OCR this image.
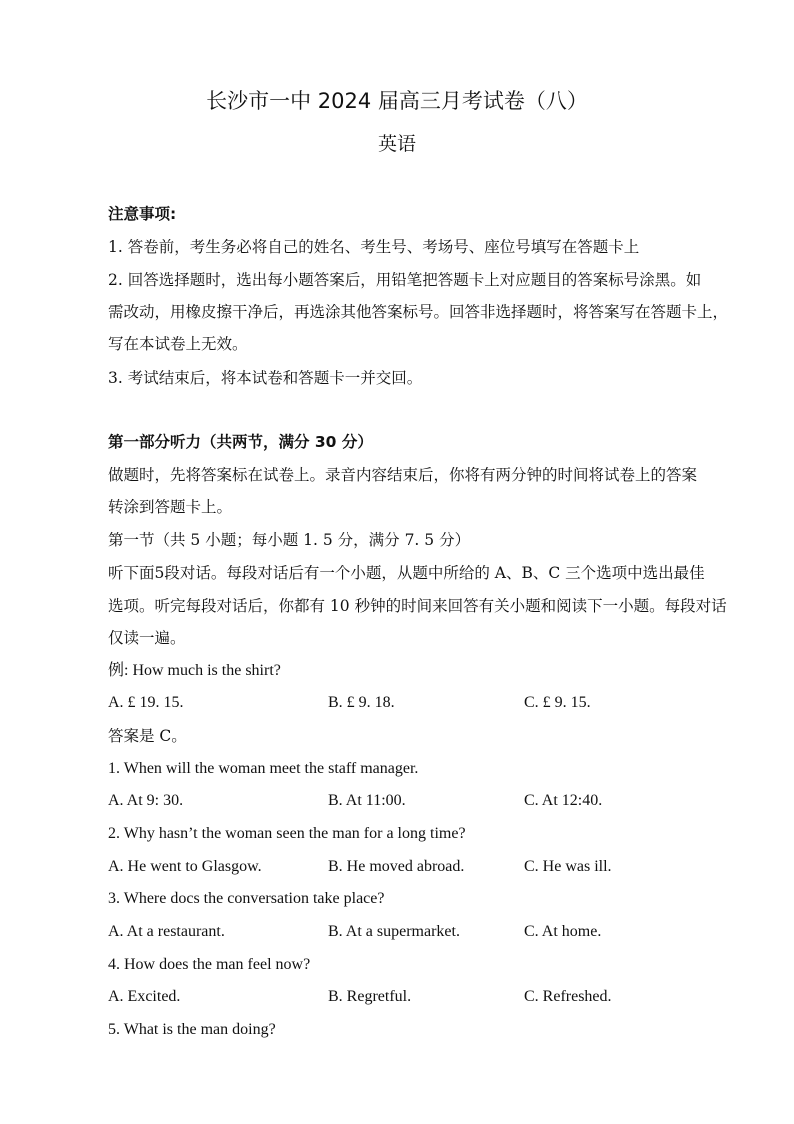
长沙市一中 2024 届高三月考试卷（八）
英语
注意事项:
1. 答卷前，考生务必将自己的姓名、考生号、考场号、座位号填写在答题卡上
2. 回答选择题时，选出每小题答案后，用铅笔把答题卡上对应题目的答案标号涂黑。如
需改动，用橡皮擦干净后，再选涂其他答案标号。回答非选择题时，将答案写在答题卡上，
写在本试卷上无效。
3. 考试结束后，将本试卷和答题卡一并交回。
第一部分听力（共两节，满分 30 分）
做题时，先将答案标在试卷上。录音内容结束后，你将有两分钟的时间将试卷上的答案
转涂到答题卡上。
第一节（共 5 小题；每小题 1. 5 分，满分 7. 5 分）
听下面5段对话。每段对话后有一个小题，从题中所给的 A、B、C 三个选项中选出最佳
选项。听完每段对话后，你都有 10 秒钟的时间来回答有关小题和阅读下一小题。每段对话
仅读一遍。
例: How much is the shirt?
A. £ 19. 15.	B. £ 9. 18.	C. £ 9. 15.
答案是 C。
1. When will the woman meet the staff manager.
A. At 9: 30.	B. At 11:00.	C. At 12:40.
2. Why hasn’t the woman seen the man for a long time?
A. He went to Glasgow.	B. He moved abroad.	C. He was ill.
3. Where docs the conversation take place?
A. At a restaurant.	B. At a supermarket.	C. At home.
4. How does the man feel now?
A. Excited.	B. Regretful.	C. Refreshed.
5. What is the man doing?
